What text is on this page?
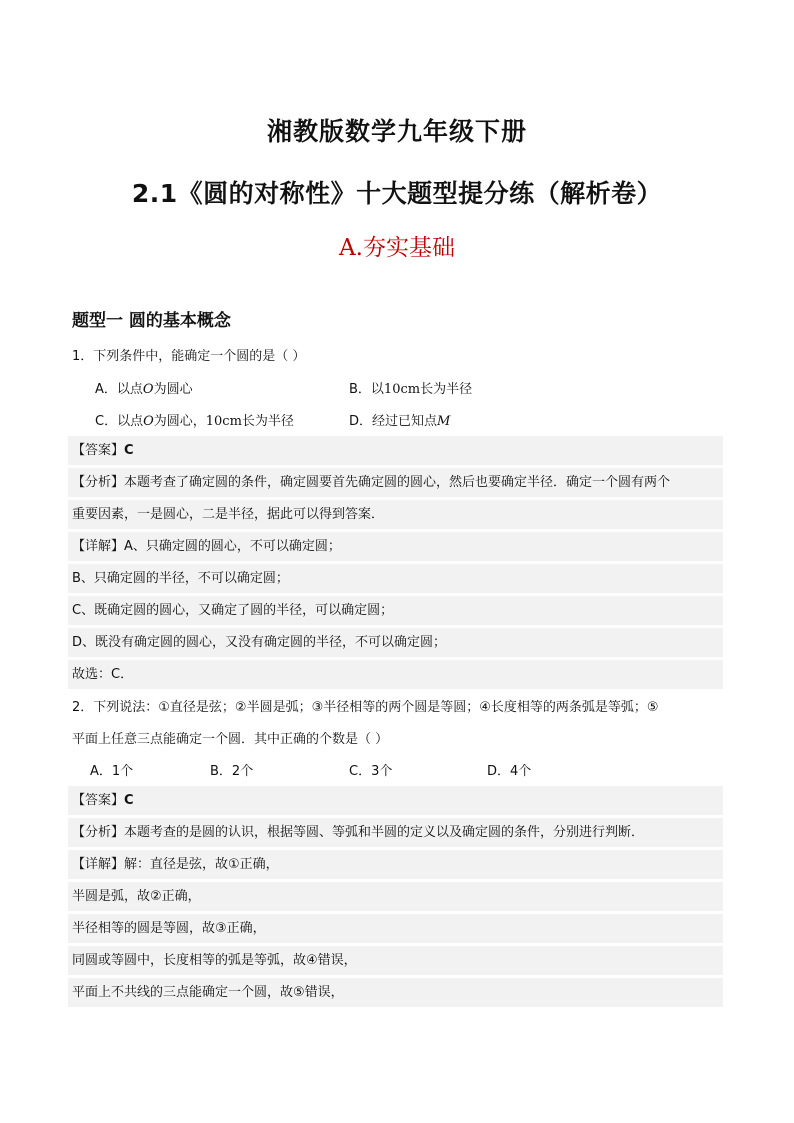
湘教版数学九年级下册
2.1《圆的对称性》十大题型提分练（解析卷）
A.夯实基础
题型一 圆的基本概念
1．下列条件中，能确定一个圆的是（ ）
A．以点O为圆心	B．以10cm长为半径
C．以点O为圆心，10cm长为半径	D．经过已知点M
【答案】C
【分析】本题考查了确定圆的条件，确定圆要首先确定圆的圆心，然后也要确定半径．确定一个圆有两个
重要因素，一是圆心，二是半径，据此可以得到答案．
【详解】A、只确定圆的圆心，不可以确定圆；
B、只确定圆的半径，不可以确定圆；
C、既确定圆的圆心，又确定了圆的半径，可以确定圆；
D、既没有确定圆的圆心，又没有确定圆的半径，不可以确定圆；
故选：C．
2．下列说法：①直径是弦；②半圆是弧；③半径相等的两个圆是等圆；④长度相等的两条弧是等弧；⑤
平面上任意三点能确定一个圆．其中正确的个数是（ ）
A．1个	B．2个	C．3个	D．4个
【答案】C
【分析】本题考查的是圆的认识，根据等圆、等弧和半圆的定义以及确定圆的条件，分别进行判断．
【详解】解：直径是弦，故①正确，
半圆是弧，故②正确，
半径相等的圆是等圆，故③正确，
同圆或等圆中，长度相等的弧是等弧，故④错误，
平面上不共线的三点能确定一个圆，故⑤错误，
